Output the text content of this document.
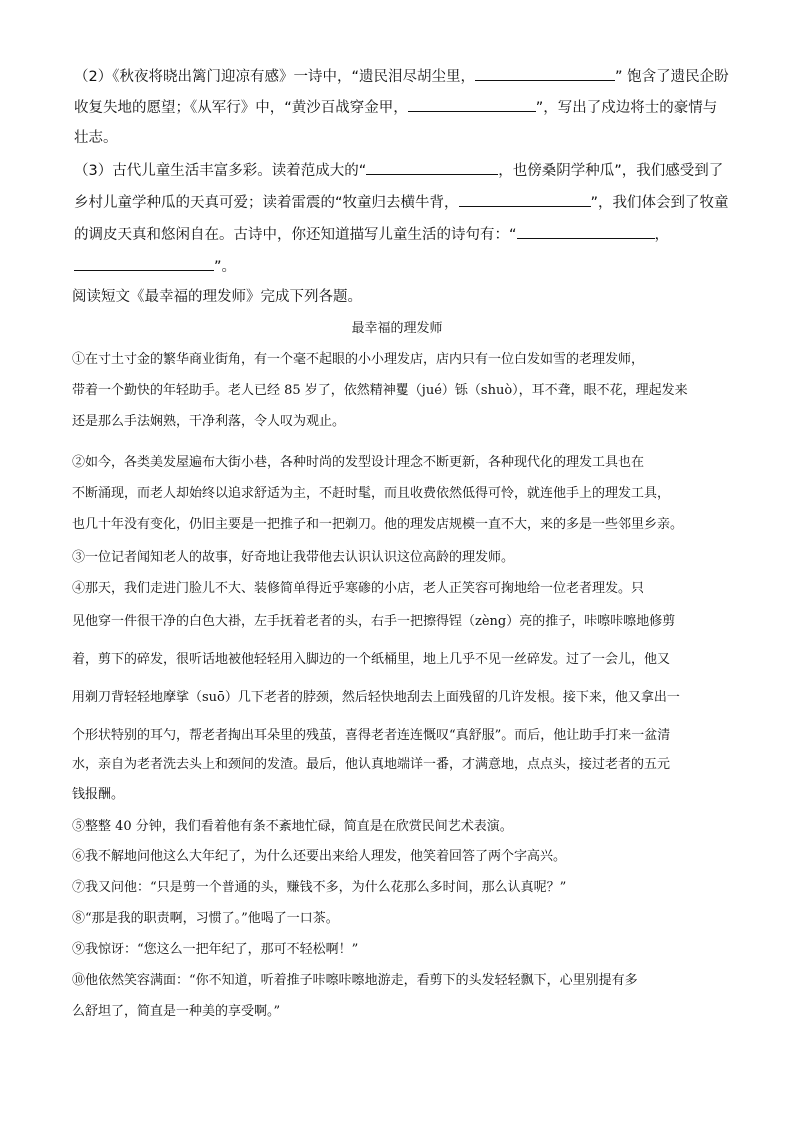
（2）《秋夜将晓出篱门迎凉有感》一诗中，“遗民泪尽胡尘里，	” 饱含了遗民企盼
收复失地的愿望；《从军行》中，“黄沙百战穿金甲，	”，写出了戍边将士的豪情与
壮志。
（3）古代儿童生活丰富多彩。读着范成大的“	，也傍桑阴学种瓜”，我们感受到了
乡村儿童学种瓜的天真可爱；读着雷震的“牧童归去横牛背，	”，我们体会到了牧童
的调皮天真和悠闲自在。古诗中，你还知道描写儿童生活的诗句有：“	，
”。
阅读短文《最幸福的理发师》完成下列各题。
最幸福的理发师
①在寸土寸金的繁华商业街角，有一个毫不起眼的小小理发店，店内只有一位白发如雪的老理发师，
带着一个勤快的年轻助手。老人已经 85 岁了，依然精神矍（jué）铄（shuò），耳不聋，眼不花，理起发来
还是那么手法娴熟，干净利落，令人叹为观止。
②如今，各类美发屋遍布大街小巷，各种时尚的发型设计理念不断更新，各种现代化的理发工具也在
不断涌现，而老人却始终以追求舒适为主，不赶时髦，而且收费依然低得可怜，就连他手上的理发工具，
也几十年没有变化，仍旧主要是一把推子和一把剃刀。他的理发店规模一直不大，来的多是一些邻里乡亲。
③一位记者闻知老人的故事，好奇地让我带他去认识认识这位高龄的理发师。
④那天，我们走进门脸儿不大、装修简单得近乎寒碜的小店，老人正笑容可掬地给一位老者理发。只
见他穿一件很干净的白色大褂，左手抚着老者的头，右手一把擦得锃（zèng）亮的推子，咔嚓咔嚓地修剪
着，剪下的碎发，很听话地被他轻轻用入脚边的一个纸桶里，地上几乎不见一丝碎发。过了一会儿，他又
用剃刀背轻轻地摩挲（suō）几下老者的脖颈，然后轻快地刮去上面残留的几许发根。接下来，他又拿出一
个形状特别的耳勺，帮老者掏出耳朵里的残茧，喜得老者连连慨叹“真舒服”。而后，他让助手打来一盆清
水，亲自为老者洗去头上和颈间的发渣。最后，他认真地端详一番，才满意地，点点头，接过老者的五元
钱报酬。
⑤整整 40 分钟，我们看着他有条不紊地忙碌，简直是在欣赏民间艺术表演。
⑥我不解地问他这么大年纪了，为什么还要出来给人理发，他笑着回答了两个字高兴。
⑦我又问他：“只是剪一个普通的头，赚钱不多，为什么花那么多时间，那么认真呢？”
⑧“那是我的职责啊，习惯了。”他喝了一口茶。
⑨我惊讶：“您这么一把年纪了，那可不轻松啊！”
⑩他依然笑容满面：“你不知道，听着推子咔嚓咔嚓地游走，看剪下的头发轻轻飘下，心里别提有多
么舒坦了，简直是一种美的享受啊。”
